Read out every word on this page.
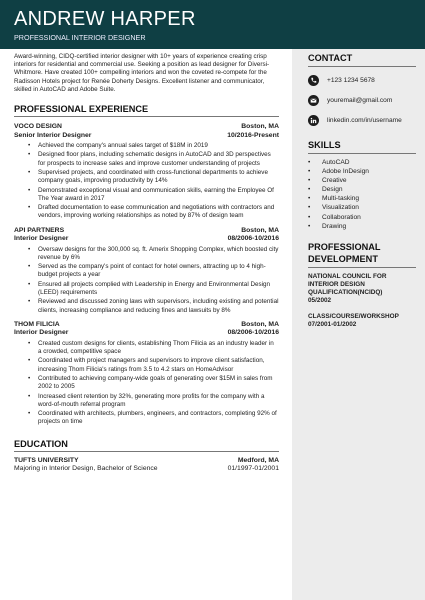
ANDREW HARPER
PROFESSIONAL INTERIOR DESIGNER

Award-winning, CIDQ-certified interior designer with 10+ years of experience creating crisp interiors for residential and commercial use. Seeking a position as lead designer for Diversi-Whitmore. Have created 100+ compelling interiors and won the coveted re-compete for the Radisson Hotels project for Renée Doherty Designs. Excellent listener and communicator, skilled in AutoCAD and Adobe Suite.

PROFESSIONAL EXPERIENCE
VOCO DESIGN	Boston, MA
Senior Interior Designer	10/2016-Present
• Achieved the company's annual sales target of $18M in 2019
• Designed floor plans, including schematic designs in AutoCAD and 3D perspectives for prospects to increase sales and improve customer understanding of projects
• Supervised projects, and coordinated with cross-functional departments to achieve company goals, improving productivity by 14%
• Demonstrated exceptional visual and communication skills, earning the Employee Of The Year award in 2017
• Drafted documentation to ease communication and negotiations with contractors and vendors, improving working relationships as noted by 87% of design team
API PARTNERS	Boston, MA
Interior Designer	08/2006-10/2016
• Oversaw designs for the 300,000 sq. ft. Amerix Shopping Complex, which boosted city revenue by 6%
• Served as the company's point of contact for hotel owners, attracting up to 4 high-budget projects a year
• Ensured all projects complied with Leadership in Energy and Environmental Design (LEED) requirements
• Reviewed and discussed zoning laws with supervisors, including existing and potential clients, increasing compliance and reducing fines and lawsuits by 8%
THOM FILICIA	Boston, MA
Interior Designer	08/2006-10/2016
• Created custom designs for clients, establishing Thom Filicia as an industry leader in a crowded, competitive space
• Coordinated with project managers and supervisors to improve client satisfaction, increasing Thom Filicia's ratings from 3.5 to 4.2 stars on HomeAdvisor
• Contributed to achieving company-wide goals of generating over $15M in sales from 2002 to 2005
• Increased client retention by 32%, generating more profits for the company with a word-of-mouth referral program
• Coordinated with architects, plumbers, engineers, and contractors, completing 92% of projects on time
EDUCATION
TUFTS UNIVERSITY	Medford, MA
Majoring in Interior Design, Bachelor of Science	01/1997-01/2001
CONTACT
+123 1234 5678
youremail@gmail.com
linkedin.com/in/username
SKILLS
• AutoCAD
• Adobe InDesign
• Creative
• Design
• Multi-tasking
• Visualization
• Collaboration
• Drawing
PROFESSIONAL DEVELOPMENT
NATIONAL COUNCIL FOR INTERIOR DESIGN QUALIFICATION(NCIDQ)
05/2002
CLASS/COURSE/WORKSHOP
07/2001-01/2002
